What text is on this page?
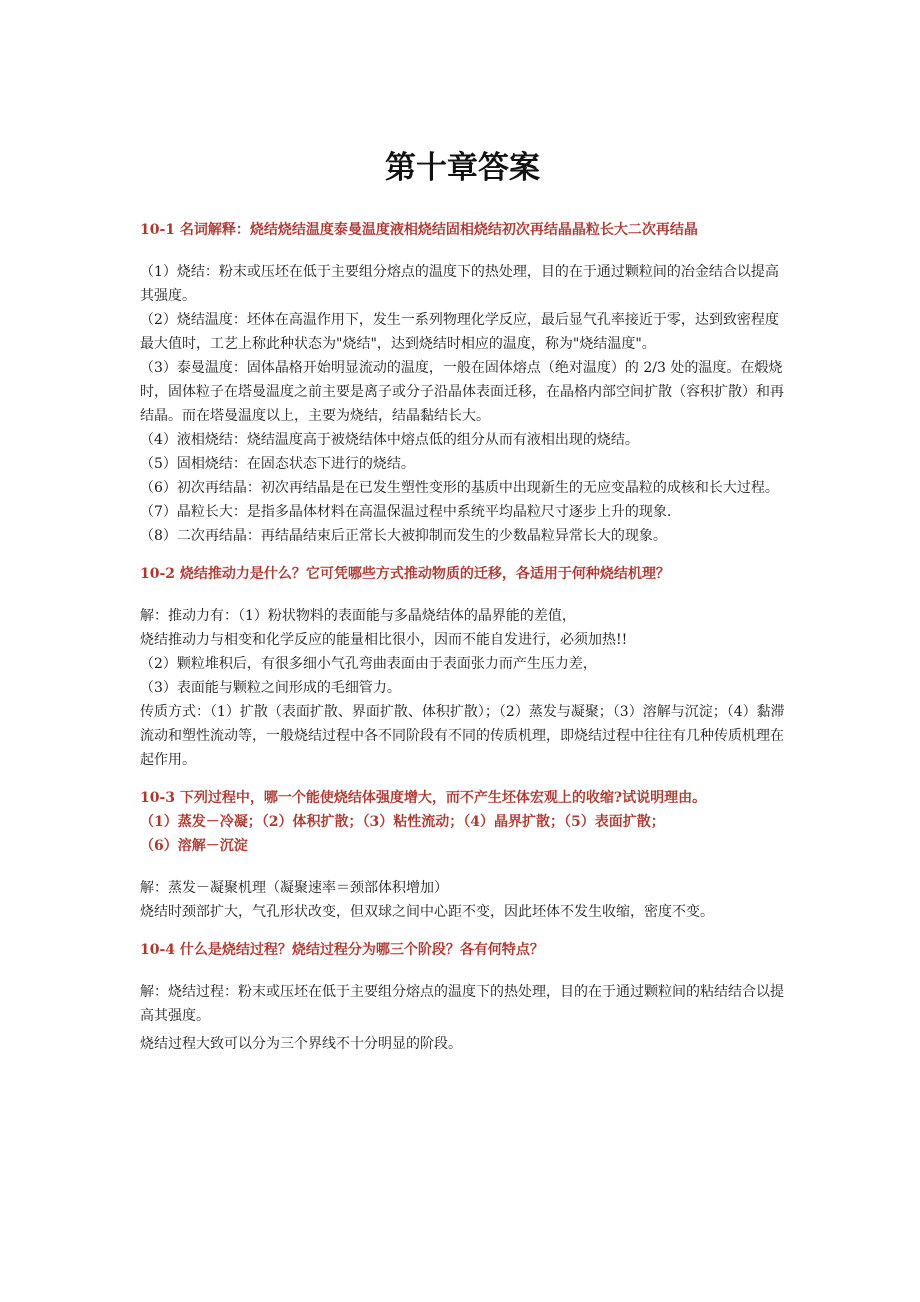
第十章答案

10-1 名词解释：烧结烧结温度泰曼温度液相烧结固相烧结初次再结晶晶粒长大二次再结晶

（1）烧结：粉末或压坯在低于主要组分熔点的温度下的热处理，目的在于通过颗粒间的冶金结合以提高其强度。

（2）烧结温度：坯体在高温作用下，发生一系列物理化学反应，最后显气孔率接近于零，达到致密程度最大值时，工艺上称此种状态为"烧结"，达到烧结时相应的温度，称为"烧结温度"。

（3）泰曼温度：固体晶格开始明显流动的温度，一般在固体熔点（绝对温度）的 2/3 处的温度。在煅烧时，固体粒子在塔曼温度之前主要是离子或分子沿晶体表面迁移，在晶格内部空间扩散（容积扩散）和再结晶。而在塔曼温度以上，主要为烧结，结晶黏结长大。

（4）液相烧结：烧结温度高于被烧结体中熔点低的组分从而有液相出现的烧结。

（5）固相烧结：在固态状态下进行的烧结。

（6）初次再结晶：初次再结晶是在已发生塑性变形的基质中出现新生的无应变晶粒的成核和长大过程。

（7）晶粒长大：是指多晶体材料在高温保温过程中系统平均晶粒尺寸逐步上升的现象.

（8）二次再结晶：再结晶结束后正常长大被抑制而发生的少数晶粒异常长大的现象。

10-2 烧结推动力是什么？它可凭哪些方式推动物质的迁移，各适用于何种烧结机理？

解：推动力有：（1）粉状物料的表面能与多晶烧结体的晶界能的差值，

烧结推动力与相变和化学反应的能量相比很小，因而不能自发进行，必须加热!!

（2）颗粒堆积后，有很多细小气孔弯曲表面由于表面张力而产生压力差，

（3）表面能与颗粒之间形成的毛细管力。

传质方式：（1）扩散（表面扩散、界面扩散、体积扩散）；（2）蒸发与凝聚；（3）溶解与沉淀；（4）黏滞流动和塑性流动等，一般烧结过程中各不同阶段有不同的传质机理，即烧结过程中往往有几种传质机理在起作用。

10-3 下列过程中，哪一个能使烧结体强度增大，而不产生坯体宏观上的收缩?试说明理由。

（1）蒸发－冷凝；（2）体积扩散；（3）粘性流动；（4）晶界扩散；（5）表面扩散；

（6）溶解－沉淀

解：蒸发－凝聚机理（凝聚速率＝颈部体积增加）

烧结时颈部扩大，气孔形状改变，但双球之间中心距不变，因此坯体不发生收缩，密度不变。

10-4 什么是烧结过程？烧结过程分为哪三个阶段？各有何特点？

解：烧结过程：粉末或压坯在低于主要组分熔点的温度下的热处理，目的在于通过颗粒间的粘结结合以提高其强度。

烧结过程大致可以分为三个界线不十分明显的阶段。
